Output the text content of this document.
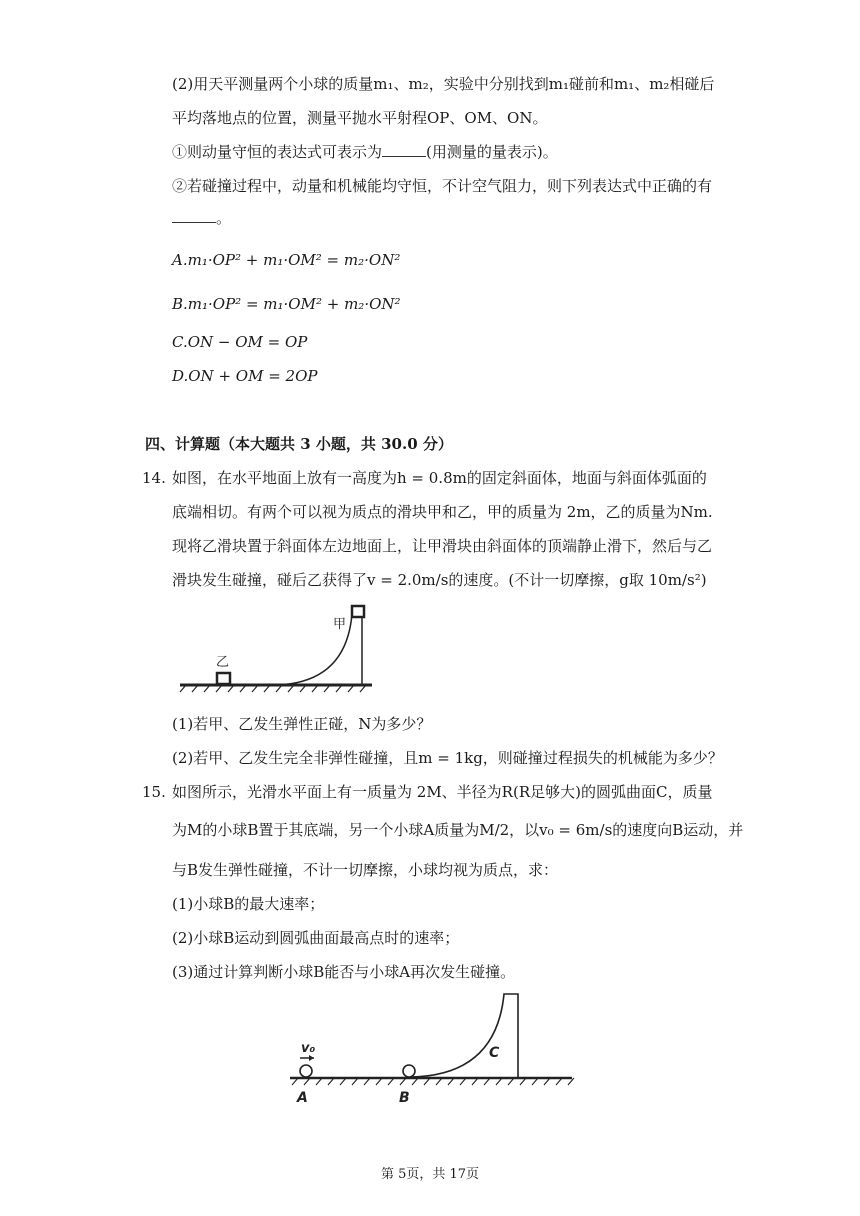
(2)用天平测量两个小球的质量m₁、m₂，实验中分别找到m₁碰前和m₁、m₂相碰后
平均落地点的位置，测量平抛水平射程OP、OM、ON。
①则动量守恒的表达式可表示为	(用测量的量表示)。
②若碰撞过程中，动量和机械能均守恒，不计空气阻力，则下列表达式中正确的有
。
A.m₁·OP² + m₁·OM² = m₂·ON²
B.m₁·OP² = m₁·OM² + m₂·ON²
C.ON − OM = OP
D.ON + OM = 2OP
四、计算题（本大题共 3 小题，共 30.0 分）
14. 如图，在水平地面上放有一高度为h = 0.8m的固定斜面体，地面与斜面体弧面的
底端相切。有两个可以视为质点的滑块甲和乙，甲的质量为 2m，乙的质量为Nm.
现将乙滑块置于斜面体左边地面上，让甲滑块由斜面体的顶端静止滑下，然后与乙
滑块发生碰撞，碰后乙获得了v = 2.0m/s的速度。(不计一切摩擦，g取 10m/s²)
甲
乙
(1)若甲、乙发生弹性正碰，N为多少？
(2)若甲、乙发生完全非弹性碰撞，且m = 1kg，则碰撞过程损失的机械能为多少？
15. 如图所示，光滑水平面上有一质量为 2M、半径为R(R足够大)的圆弧曲面C，质量
为M的小球B置于其底端，另一个小球A质量为M/2，以v₀ = 6m/s的速度向B运动，并
与B发生弹性碰撞，不计一切摩擦，小球均视为质点，求：
(1)小球B的最大速率；
(2)小球B运动到圆弧曲面最高点时的速率；
(3)通过计算判断小球B能否与小球A再次发生碰撞。
v₀
A	B
C
第 5页，共 17页
